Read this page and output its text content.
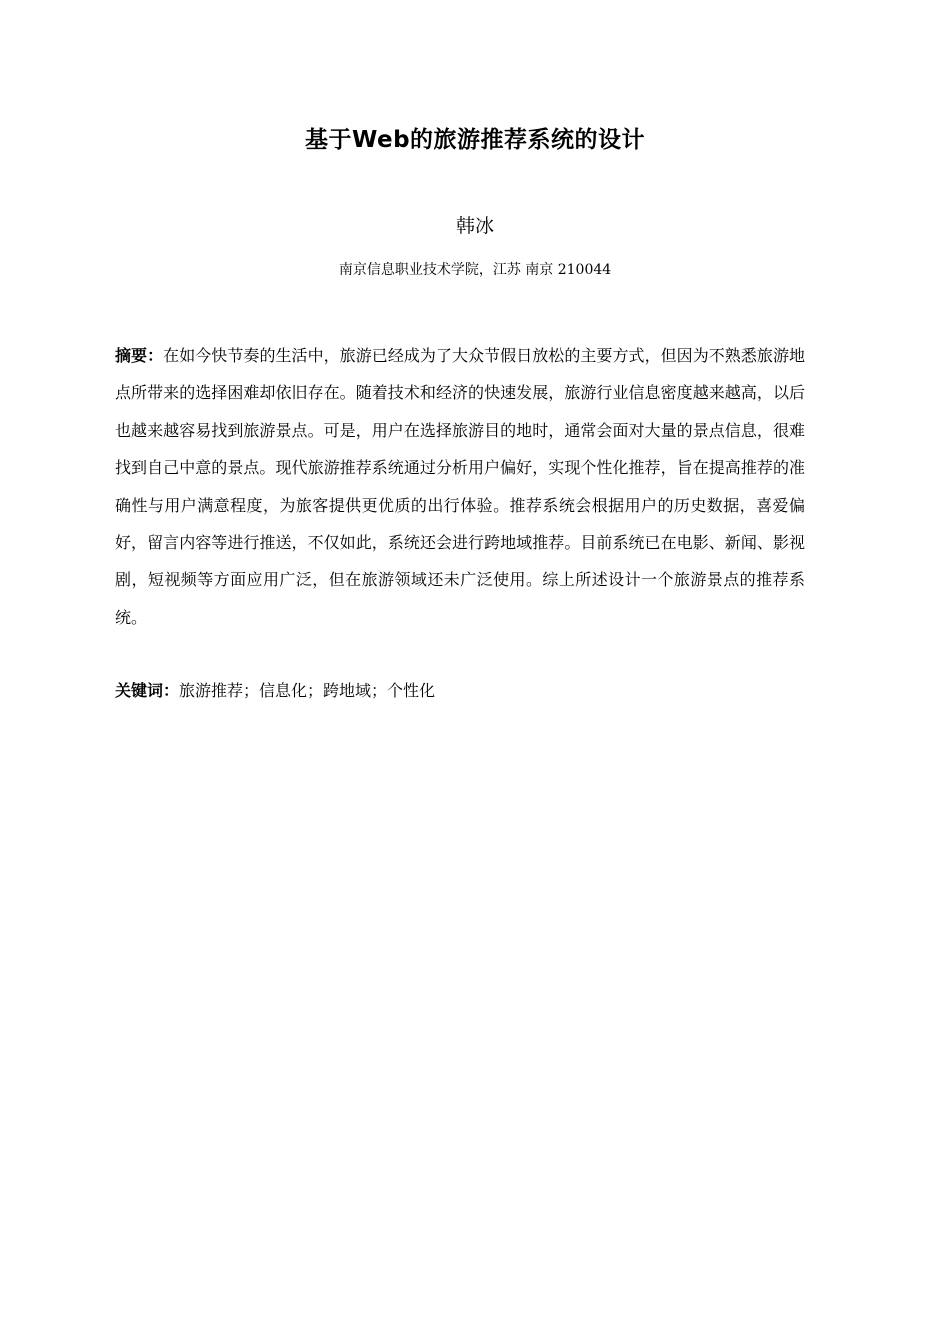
基于Web的旅游推荐系统的设计
韩冰
南京信息职业技术学院，江苏 南京 210044

摘要：在如今快节奏的生活中，旅游已经成为了大众节假日放松的主要方式，但因为不熟悉旅游地点所带来的选择困难却依旧存在。随着技术和经济的快速发展，旅游行业信息密度越来越高，以后也越来越容易找到旅游景点。可是，用户在选择旅游目的地时，通常会面对大量的景点信息，很难找到自己中意的景点。现代旅游推荐系统通过分析用户偏好，实现个性化推荐，旨在提高推荐的准确性与用户满意程度，为旅客提供更优质的出行体验。推荐系统会根据用户的历史数据，喜爱偏好，留言内容等进行推送，不仅如此，系统还会进行跨地域推荐。目前系统已在电影、新闻、影视剧，短视频等方面应用广泛，但在旅游领域还未广泛使用。综上所述设计一个旅游景点的推荐系统。

关键词：旅游推荐；信息化；跨地域；个性化
